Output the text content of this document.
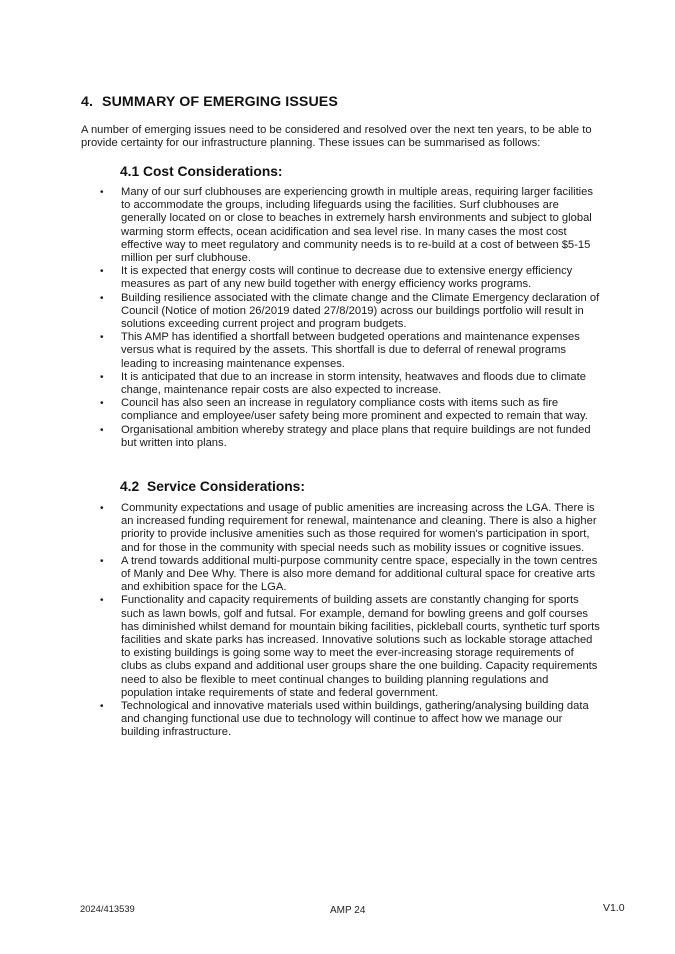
4. SUMMARY OF EMERGING ISSUES
A number of emerging issues need to be considered and resolved over the next ten years, to be able to provide certainty for our infrastructure planning. These issues can be summarised as follows:
4.1 Cost Considerations:
•	Many of our surf clubhouses are experiencing growth in multiple areas, requiring larger facilities to accommodate the groups, including lifeguards using the facilities. Surf clubhouses are generally located on or close to beaches in extremely harsh environments and subject to global warming storm effects, ocean acidification and sea level rise. In many cases the most cost effective way to meet regulatory and community needs is to re-build at a cost of between $5-15 million per surf clubhouse.
•	It is expected that energy costs will continue to decrease due to extensive energy efficiency measures as part of any new build together with energy efficiency works programs.
•	Building resilience associated with the climate change and the Climate Emergency declaration of Council (Notice of motion 26/2019 dated 27/8/2019) across our buildings portfolio will result in solutions exceeding current project and program budgets.
•	This AMP has identified a shortfall between budgeted operations and maintenance expenses versus what is required by the assets. This shortfall is due to deferral of renewal programs leading to increasing maintenance expenses.
•	It is anticipated that due to an increase in storm intensity, heatwaves and floods due to climate change, maintenance repair costs are also expected to increase.
•	Council has also seen an increase in regulatory compliance costs with items such as fire compliance and employee/user safety being more prominent and expected to remain that way.
•	Organisational ambition whereby strategy and place plans that require buildings are not funded but written into plans.
4.2 Service Considerations:
•	Community expectations and usage of public amenities are increasing across the LGA. There is an increased funding requirement for renewal, maintenance and cleaning. There is also a higher priority to provide inclusive amenities such as those required for women's participation in sport, and for those in the community with special needs such as mobility issues or cognitive issues.
•	A trend towards additional multi-purpose community centre space, especially in the town centres of Manly and Dee Why. There is also more demand for additional cultural space for creative arts and exhibition space for the LGA.
•	Functionality and capacity requirements of building assets are constantly changing for sports such as lawn bowls, golf and futsal. For example, demand for bowling greens and golf courses has diminished whilst demand for mountain biking facilities, pickleball courts, synthetic turf sports facilities and skate parks has increased. Innovative solutions such as lockable storage attached to existing buildings is going some way to meet the ever-increasing storage requirements of clubs as clubs expand and additional user groups share the one building. Capacity requirements need to also be flexible to meet continual changes to building planning regulations and population intake requirements of state and federal government.
•	Technological and innovative materials used within buildings, gathering/analysing building data and changing functional use due to technology will continue to affect how we manage our building infrastructure.
2024/413539	AMP 24	V1.0
